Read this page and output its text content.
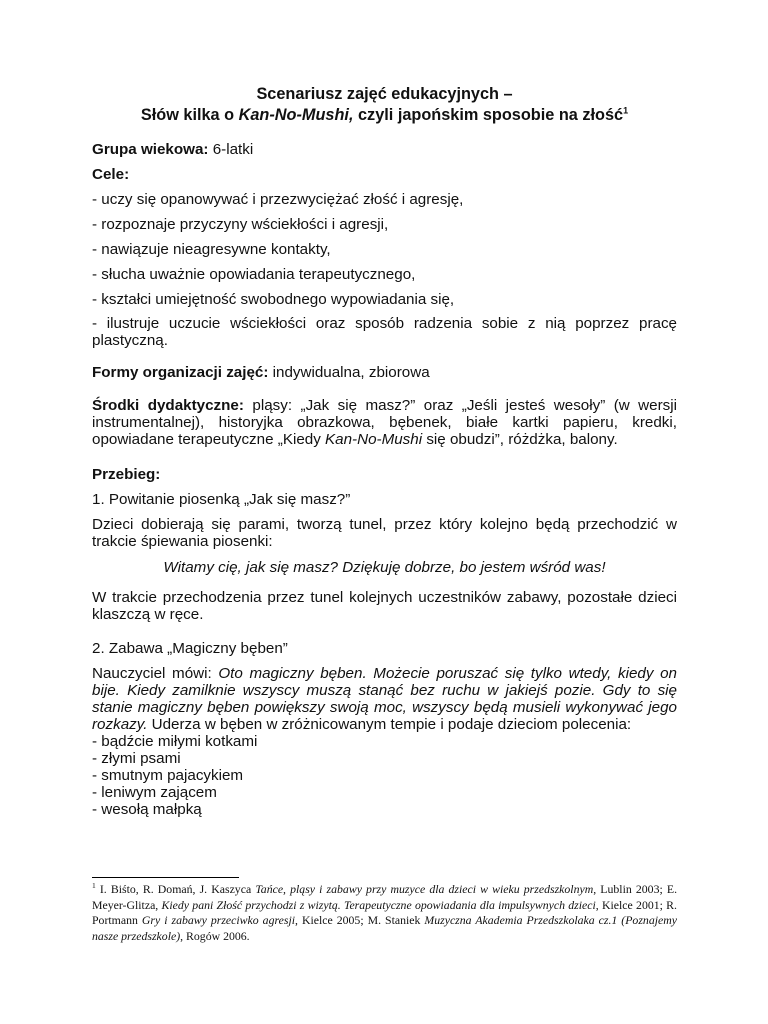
Scenariusz zajęć edukacyjnych –
Słów kilka o Kan-No-Mushi, czyli japońskim sposobie na złość$^1$

Grupa wiekowa: 6-latki

Cele:

- uczy się opanowywać i przezwyciężać złość i agresję,

- rozpoznaje przyczyny wściekłości i agresji,

- nawiązuje nieagresywne kontakty,

- słucha uważnie opowiadania terapeutycznego,

- kształci umiejętność swobodnego wypowiadania się,

- ilustruje uczucie wściekłości oraz sposób radzenia sobie z nią poprzez pracę plastyczną.

Formy organizacji zajęć: indywidualna, zbiorowa

Środki dydaktyczne: pląsy: „Jak się masz?” oraz „Jeśli jesteś wesoły” (w wersji instrumentalnej), historyjka obrazkowa, bębenek, białe kartki papieru, kredki, opowiadane terapeutyczne „Kiedy Kan-No-Mushi się obudzi”, różdżka, balony.

Przebieg:

1. Powitanie piosenką „Jak się masz?”

Dzieci dobierają się parami, tworzą tunel, przez który kolejno będą przechodzić w trakcie śpiewania piosenki:

Witamy cię, jak się masz? Dziękuję dobrze, bo jestem wśród was!

W trakcie przechodzenia przez tunel kolejnych uczestników zabawy, pozostałe dzieci klaszczą w ręce.

2. Zabawa „Magiczny bęben”

Nauczyciel mówi: Oto magiczny bęben. Możecie poruszać się tylko wtedy, kiedy on bije. Kiedy zamilknie wszyscy muszą stanąć bez ruchu w jakiejś pozie. Gdy to się stanie magiczny bęben powiększy swoją moc, wszyscy będą musieli wykonywać jego rozkazy. Uderza w bęben w zróżnicowanym tempie i podaje dzieciom polecenia:

- bądźcie miłymi kotkami

- złymi psami

- smutnym pajacykiem

- leniwym zającem

- wesołą małpką

$^1$ I. Biśto, R. Domań, J. Kaszyca Tańce, pląsy i zabawy przy muzyce dla dzieci w wieku przedszkolnym, Lublin 2003; E. Meyer-Glitza, Kiedy pani Złość przychodzi z wizytą. Terapeutyczne opowiadania dla impulsywnych dzieci, Kielce 2001; R. Portmann Gry i zabawy przeciwko agresji, Kielce 2005; M. Staniek Muzyczna Akademia Przedszkolaka cz.1 (Poznajemy nasze przedszkole), Rogów 2006.
